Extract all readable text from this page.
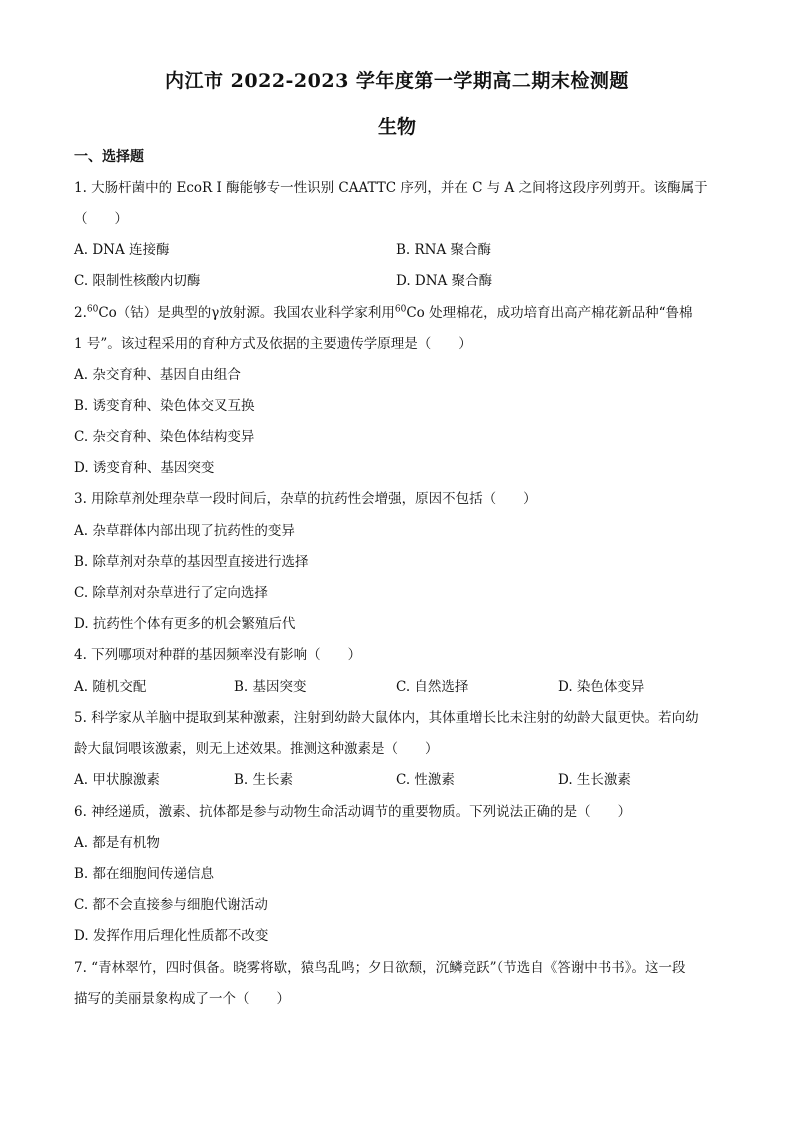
内江市 2022-2023 学年度第一学期高二期末检测题
生物
一、选择题
1. 大肠杆菌中的 EcoR I 酶能够专一性识别 CAATTC 序列，并在 C 与 A 之间将这段序列剪开。该酶属于
（　　）
A. DNA 连接酶	B. RNA 聚合酶
C. 限制性核酸内切酶	D. DNA 聚合酶
2.60Co（钴）是典型的γ放射源。我国农业科学家利用$^{60}$Co 处理棉花，成功培育出高产棉花新品种“鲁棉
1 号”。该过程采用的育种方式及依据的主要遗传学原理是（　　）
A. 杂交育种、基因自由组合
B. 诱变育种、染色体交叉互换
C. 杂交育种、染色体结构变异
D. 诱变育种、基因突变
3. 用除草剂处理杂草一段时间后，杂草的抗药性会增强，原因不包括（　　）
A. 杂草群体内部出现了抗药性的变异
B. 除草剂对杂草的基因型直接进行选择
C. 除草剂对杂草进行了定向选择
D. 抗药性个体有更多的机会繁殖后代
4. 下列哪项对种群的基因频率没有影响（　　）
A. 随机交配	B. 基因突变	C. 自然选择	D. 染色体变异
5. 科学家从羊脑中提取到某种激素，注射到幼龄大鼠体内，其体重增长比未注射的幼龄大鼠更快。若向幼
龄大鼠饲喂该激素，则无上述效果。推测这种激素是（　　）
A. 甲状腺激素	B. 生长素	C. 性激素	D. 生长激素
6. 神经递质，激素、抗体都是参与动物生命活动调节的重要物质。下列说法正确的是（　　）
A. 都是有机物
B. 都在细胞间传递信息
C. 都不会直接参与细胞代谢活动
D. 发挥作用后理化性质都不改变
7. “青林翠竹，四时俱备。晓雾将歇，猿鸟乱鸣；夕日欲颓，沉鳞竞跃”（节选自《答谢中书书》。这一段
描写的美丽景象构成了一个（　　）
